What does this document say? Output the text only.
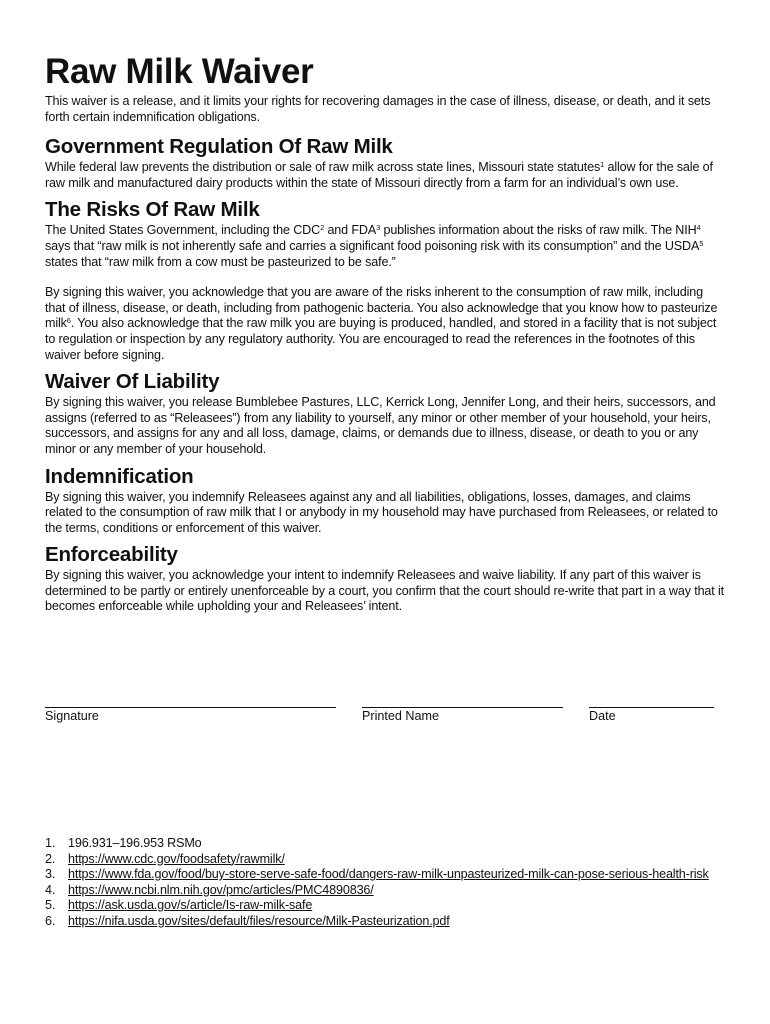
Raw Milk Waiver

This waiver is a release, and it limits your rights for recovering damages in the case of illness, disease, or death, and it sets forth certain indemnification obligations.

Government Regulation Of Raw Milk

While federal law prevents the distribution or sale of raw milk across state lines, Missouri state statutes$^1$ allow for the sale of raw milk and manufactured dairy products within the state of Missouri directly from a farm for an individual’s own use.

The Risks Of Raw Milk

The United States Government, including the CDC$^2$ and FDA$^3$ publishes information about the risks of raw milk. The NIH$^4$ says that “raw milk is not inherently safe and carries a significant food poisoning risk with its consumption” and the USDA$^5$ states that “raw milk from a cow must be pasteurized to be safe.”

By signing this waiver, you acknowledge that you are aware of the risks inherent to the consumption of raw milk, including that of illness, disease, or death, including from pathogenic bacteria. You also acknowledge that you know how to pasteurize milk$^6$. You also acknowledge that the raw milk you are buying is produced, handled, and stored in a facility that is not subject to regulation or inspection by any regulatory authority. You are encouraged to read the references in the footnotes of this waiver before signing.

Waiver Of Liability

By signing this waiver, you release Bumblebee Pastures, LLC, Kerrick Long, Jennifer Long, and their heirs, successors, and assigns (referred to as “Releasees”) from any liability to yourself, any minor or other member of your household, your heirs, successors, and assigns for any and all loss, damage, claims, or demands due to illness, disease, or death to you or any minor or any member of your household.

Indemnification

By signing this waiver, you indemnify Releasees against any and all liabilities, obligations, losses, damages, and claims related to the consumption of raw milk that I or anybody in my household may have purchased from Releasees, or related to the terms, conditions or enforcement of this waiver.

Enforceability

By signing this waiver, you acknowledge your intent to indemnify Releasees and waive liability. If any part of this waiver is determined to be partly or entirely unenforceable by a court, you confirm that the court should re-write that part in a way that it becomes enforceable while upholding your and Releasees’ intent.

Signature	Printed Name	Date
1.	196.931–196.953 RSMo
2.	https://www.cdc.gov/foodsafety/rawmilk/
3.	https://www.fda.gov/food/buy-store-serve-safe-food/dangers-raw-milk-unpasteurized-milk-can-pose-serious-health-risk
4.	https://www.ncbi.nlm.nih.gov/pmc/articles/PMC4890836/
5.	https://ask.usda.gov/s/article/Is-raw-milk-safe
6.	https://nifa.usda.gov/sites/default/files/resource/Milk-Pasteurization.pdf
